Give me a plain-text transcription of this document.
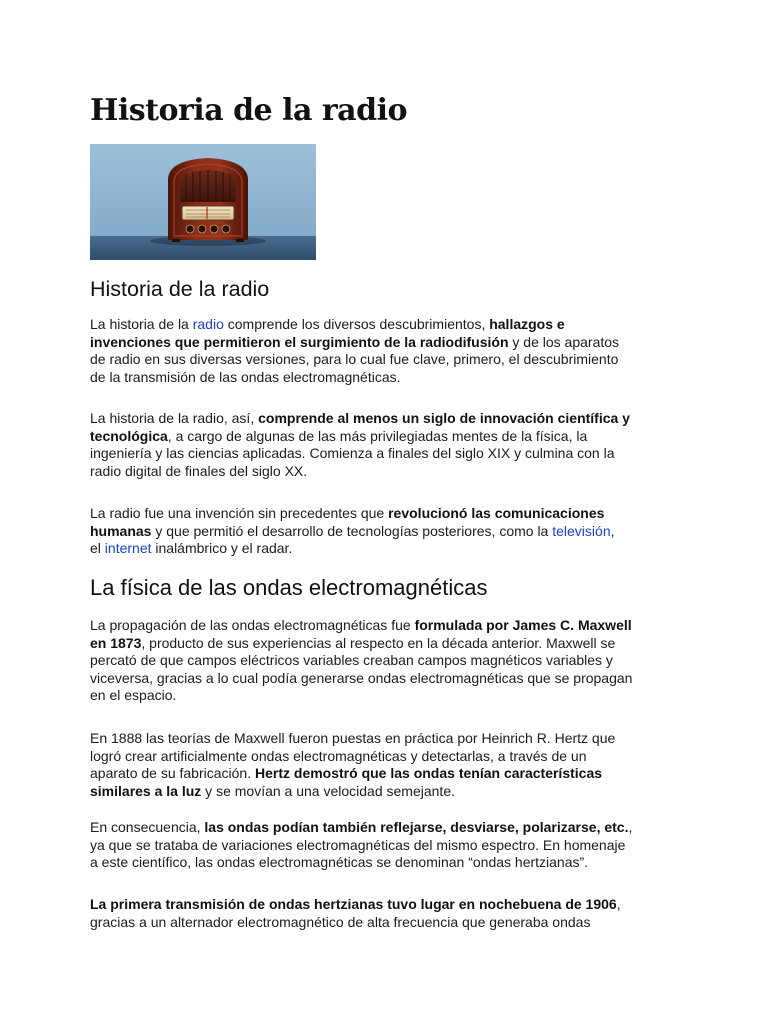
Historia de la radio
Historia de la radio
La historia de la radio comprende los diversos descubrimientos, hallazgos e
invenciones que permitieron el surgimiento de la radiodifusión y de los aparatos
de radio en sus diversas versiones, para lo cual fue clave, primero, el descubrimiento
de la transmisión de las ondas electromagnéticas.
La historia de la radio, así, comprende al menos un siglo de innovación científica y
tecnológica, a cargo de algunas de las más privilegiadas mentes de la física, la
ingeniería y las ciencias aplicadas. Comienza a finales del siglo XIX y culmina con la
radio digital de finales del siglo XX.
La radio fue una invención sin precedentes que revolucionó las comunicaciones
humanas y que permitió el desarrollo de tecnologías posteriores, como la televisión,
el internet inalámbrico y el radar.
La física de las ondas electromagnéticas
La propagación de las ondas electromagnéticas fue formulada por James C. Maxwell
en 1873, producto de sus experiencias al respecto en la década anterior. Maxwell se
percató de que campos eléctricos variables creaban campos magnéticos variables y
viceversa, gracias a lo cual podía generarse ondas electromagnéticas que se propagan
en el espacio.
En 1888 las teorías de Maxwell fueron puestas en práctica por Heinrich R. Hertz que
logró crear artificialmente ondas electromagnéticas y detectarlas, a través de un
aparato de su fabricación. Hertz demostró que las ondas tenían características
similares a la luz y se movían a una velocidad semejante.
En consecuencia, las ondas podían también reflejarse, desviarse, polarizarse, etc.,
ya que se trataba de variaciones electromagnéticas del mismo espectro. En homenaje
a este científico, las ondas electromagnéticas se denominan “ondas hertzianas”.
La primera transmisión de ondas hertzianas tuvo lugar en nochebuena de 1906,
gracias a un alternador electromagnético de alta frecuencia que generaba ondas
